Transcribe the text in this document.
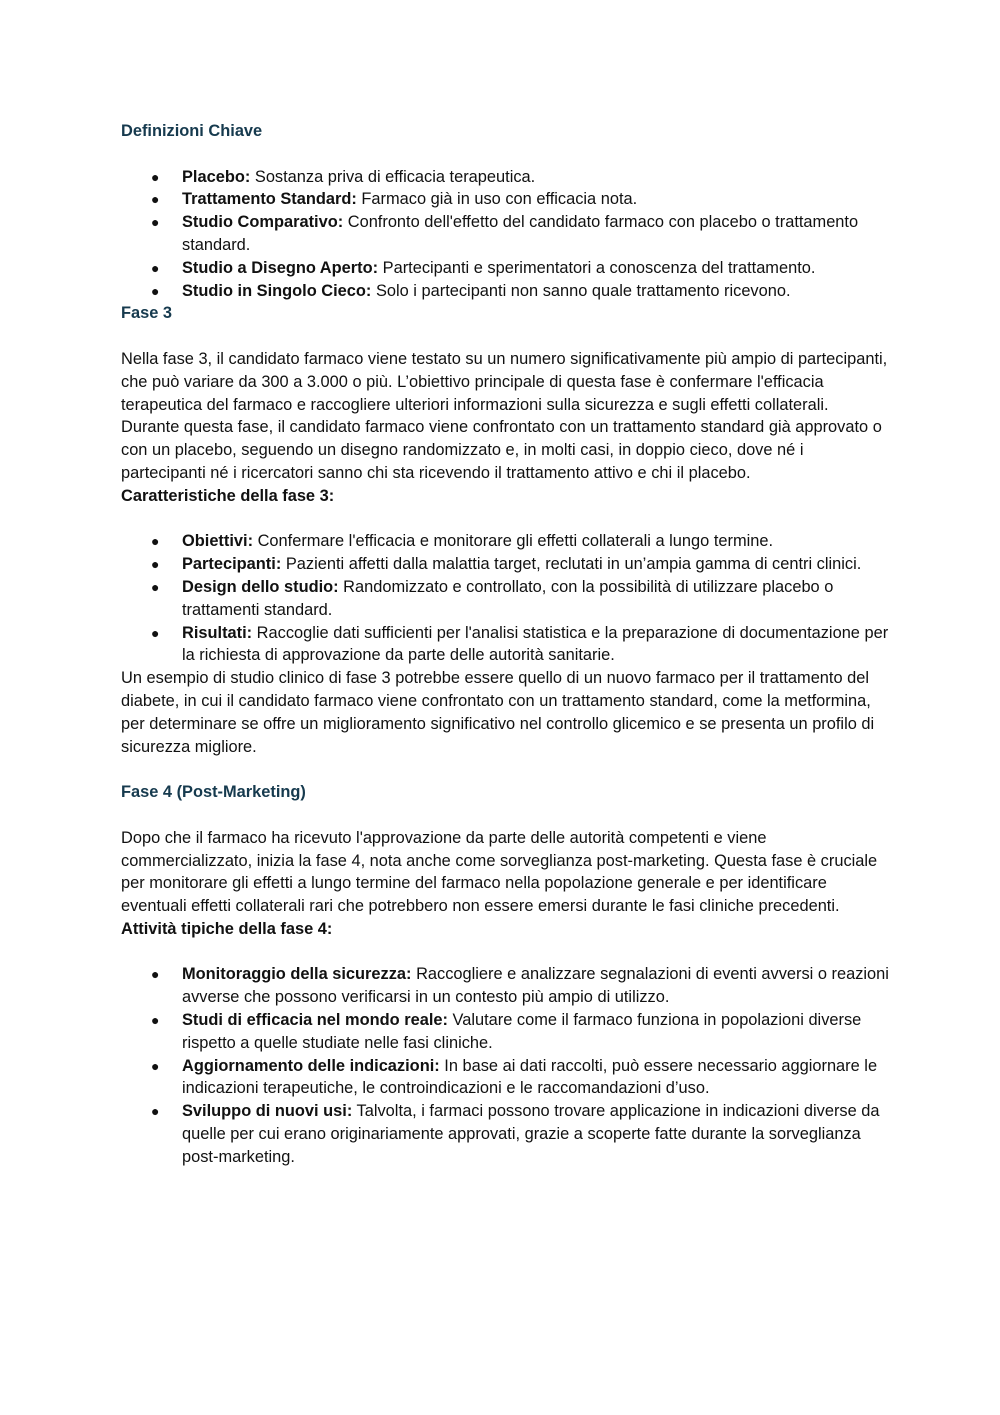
Definizioni Chiave

● Placebo: Sostanza priva di efficacia terapeutica.
● Trattamento Standard: Farmaco già in uso con efficacia nota.
● Studio Comparativo: Confronto dell'effetto del candidato farmaco con placebo o trattamento standard.
● Studio a Disegno Aperto: Partecipanti e sperimentatori a conoscenza del trattamento.
● Studio in Singolo Cieco: Solo i partecipanti non sanno quale trattamento ricevono.

Fase 3

Nella fase 3, il candidato farmaco viene testato su un numero significativamente più ampio di partecipanti, che può variare da 300 a 3.000 o più. L’obiettivo principale di questa fase è confermare l'efficacia terapeutica del farmaco e raccogliere ulteriori informazioni sulla sicurezza e sugli effetti collaterali. Durante questa fase, il candidato farmaco viene confrontato con un trattamento standard già approvato o con un placebo, seguendo un disegno randomizzato e, in molti casi, in doppio cieco, dove né i partecipanti né i ricercatori sanno chi sta ricevendo il trattamento attivo e chi il placebo.

Caratteristiche della fase 3:

● Obiettivi: Confermare l'efficacia e monitorare gli effetti collaterali a lungo termine.
● Partecipanti: Pazienti affetti dalla malattia target, reclutati in un’ampia gamma di centri clinici.
● Design dello studio: Randomizzato e controllato, con la possibilità di utilizzare placebo o trattamenti standard.
● Risultati: Raccoglie dati sufficienti per l'analisi statistica e la preparazione di documentazione per la richiesta di approvazione da parte delle autorità sanitarie.

Un esempio di studio clinico di fase 3 potrebbe essere quello di un nuovo farmaco per il trattamento del diabete, in cui il candidato farmaco viene confrontato con un trattamento standard, come la metformina, per determinare se offre un miglioramento significativo nel controllo glicemico e se presenta un profilo di sicurezza migliore.

Fase 4 (Post-Marketing)

Dopo che il farmaco ha ricevuto l'approvazione da parte delle autorità competenti e viene commercializzato, inizia la fase 4, nota anche come sorveglianza post-marketing. Questa fase è cruciale per monitorare gli effetti a lungo termine del farmaco nella popolazione generale e per identificare eventuali effetti collaterali rari che potrebbero non essere emersi durante le fasi cliniche precedenti.

Attività tipiche della fase 4:

● Monitoraggio della sicurezza: Raccogliere e analizzare segnalazioni di eventi avversi o reazioni avverse che possono verificarsi in un contesto più ampio di utilizzo.
● Studi di efficacia nel mondo reale: Valutare come il farmaco funziona in popolazioni diverse rispetto a quelle studiate nelle fasi cliniche.
● Aggiornamento delle indicazioni: In base ai dati raccolti, può essere necessario aggiornare le indicazioni terapeutiche, le controindicazioni e le raccomandazioni d’uso.
● Sviluppo di nuovi usi: Talvolta, i farmaci possono trovare applicazione in indicazioni diverse da quelle per cui erano originariamente approvati, grazie a scoperte fatte durante la sorveglianza post-marketing.
